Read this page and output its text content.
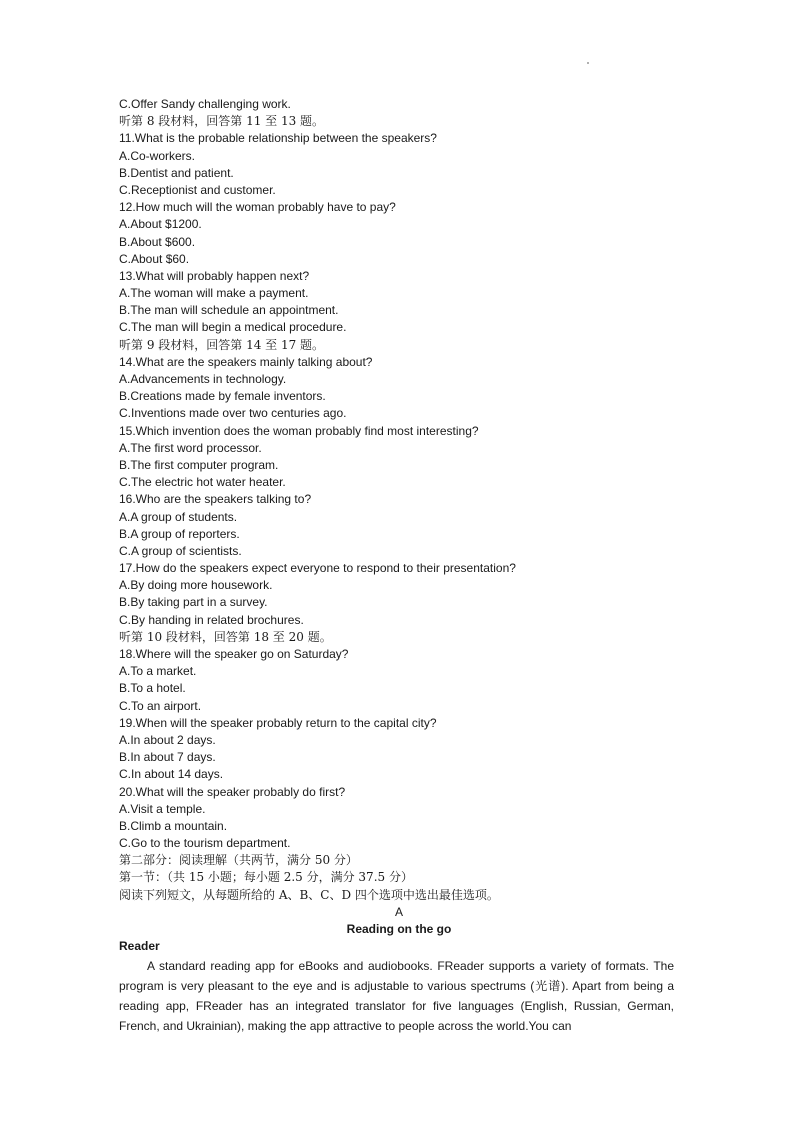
C.Offer Sandy challenging work.
听第 8 段材料，回答第 11 至 13 题。
11.What is the probable relationship between the speakers?
A.Co-workers.
B.Dentist and patient.
C.Receptionist and customer.
12.How much will the woman probably have to pay?
A.About $1200.
B.About $600.
C.About $60.
13.What will probably happen next?
A.The woman will make a payment.
B.The man will schedule an appointment.
C.The man will begin a medical procedure.
听第 9 段材料，回答第 14 至 17 题。
14.What are the speakers mainly talking about?
A.Advancements in technology.
B.Creations made by female inventors.
C.Inventions made over two centuries ago.
15.Which invention does the woman probably find most interesting?
A.The first word processor.
B.The first computer program.
C.The electric hot water heater.
16.Who are the speakers talking to?
A.A group of students.
B.A group of reporters.
C.A group of scientists.
17.How do the speakers expect everyone to respond to their presentation?
A.By doing more housework.
B.By taking part in a survey.
C.By handing in related brochures.
听第 10 段材料，回答第 18 至 20 题。
18.Where will the speaker go on Saturday?
A.To a market.
B.To a hotel.
C.To an airport.
19.When will the speaker probably return to the capital city?
A.In about 2 days.
B.In about 7 days.
C.In about 14 days.
20.What will the speaker probably do first?
A.Visit a temple.
B.Climb a mountain.
C.Go to the tourism department.
第二部分：阅读理解（共两节，满分 50 分）
第一节：（共 15 小题；每小题 2.5 分，满分 37.5 分）
阅读下列短文，从每题所给的 A、B、C、D 四个选项中选出最佳选项。
A
Reading on the go
Reader
A standard reading app for eBooks and audiobooks. FReader supports a variety of formats. The program is very pleasant to the eye and is adjustable to various spectrums (光谱). Apart from being a reading app, FReader has an integrated translator for five languages (English, Russian, German, French, and Ukrainian), making the app attractive to people across the world.You can
